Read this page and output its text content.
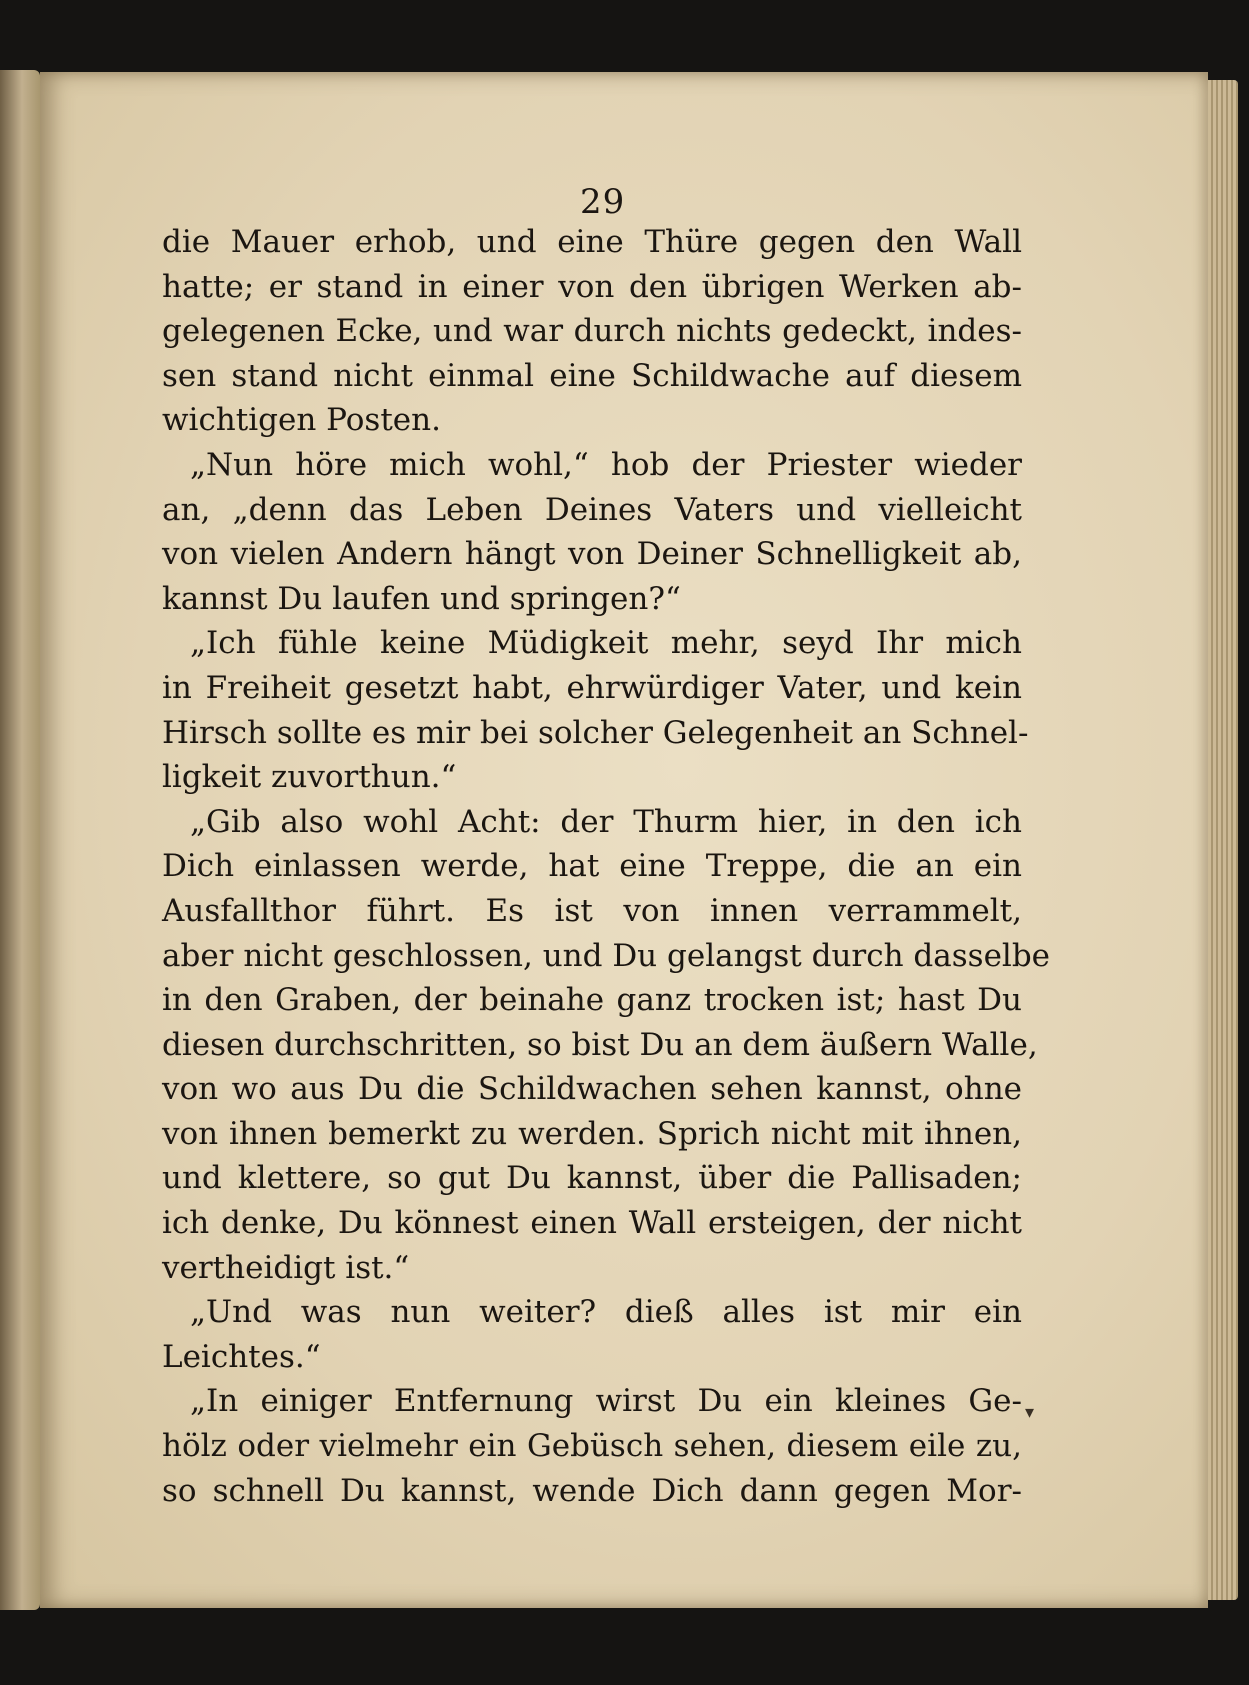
29
die Mauer erhob, und eine Thüre gegen den Wall
hatte; er stand in einer von den übrigen Werken ab-
gelegenen Ecke, und war durch nichts gedeckt, indes-
sen stand nicht einmal eine Schildwache auf diesem
wichtigen Posten.
„Nun höre mich wohl,“ hob der Priester wieder
an, „denn das Leben Deines Vaters und vielleicht
von vielen Andern hängt von Deiner Schnelligkeit ab,
kannst Du laufen und springen?“
„Ich fühle keine Müdigkeit mehr, seyd Ihr mich
in Freiheit gesetzt habt, ehrwürdiger Vater, und kein
Hirsch sollte es mir bei solcher Gelegenheit an Schnel-
ligkeit zuvorthun.“
„Gib also wohl Acht: der Thurm hier, in den ich
Dich einlassen werde, hat eine Treppe, die an ein
Ausfallthor führt. Es ist von innen verrammelt,
aber nicht geschlossen, und Du gelangst durch dasselbe
in den Graben, der beinahe ganz trocken ist; hast Du
diesen durchschritten, so bist Du an dem äußern Walle,
von wo aus Du die Schildwachen sehen kannst, ohne
von ihnen bemerkt zu werden. Sprich nicht mit ihnen,
und klettere, so gut Du kannst, über die Pallisaden;
ich denke, Du könnest einen Wall ersteigen, der nicht
vertheidigt ist.“
„Und was nun weiter? dieß alles ist mir ein
Leichtes.“
„In einiger Entfernung wirst Du ein kleines Ge-
hölz oder vielmehr ein Gebüsch sehen, diesem eile zu,
so schnell Du kannst, wende Dich dann gegen Mor-
▾
